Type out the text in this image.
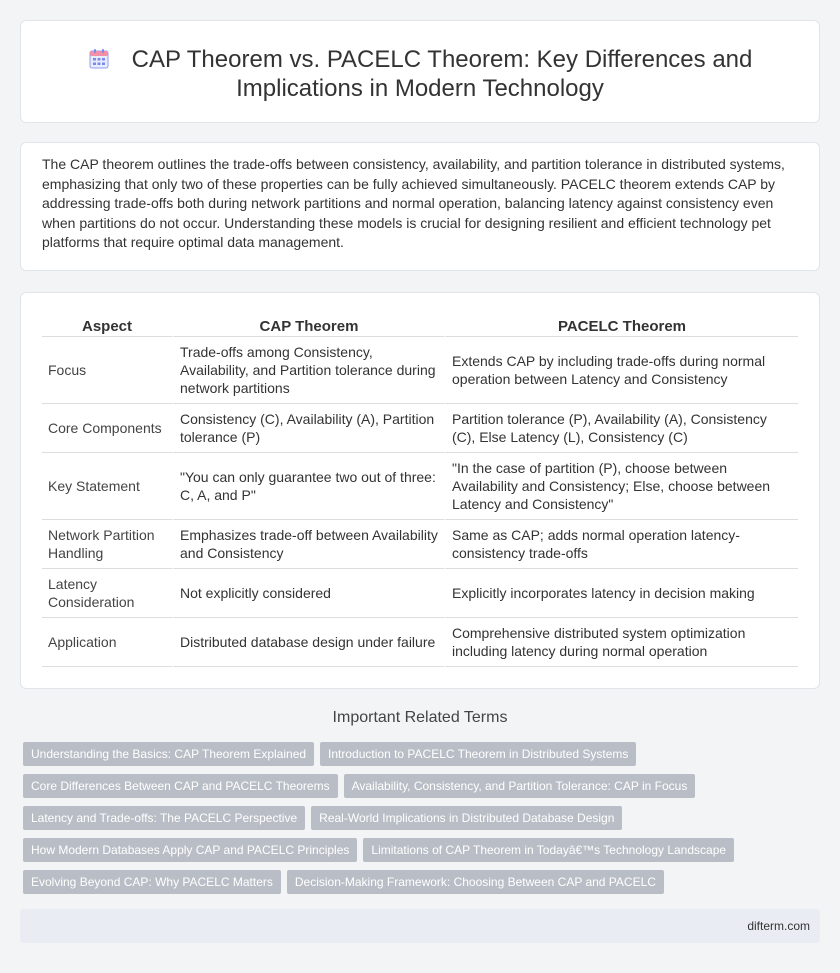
CAP Theorem vs. PACELC Theorem: Key Differences and
Implications in Modern Technology

The CAP theorem outlines the trade-offs between consistency, availability, and partition tolerance in distributed systems, emphasizing that only two of these properties can be fully achieved simultaneously. PACELC theorem extends CAP by addressing trade-offs both during network partitions and normal operation, balancing latency against consistency even when partitions do not occur. Understanding these models is crucial for designing resilient and efficient technology pet platforms that require optimal data management.

Aspect	CAP Theorem	PACELC Theorem
Focus	Trade-offs among Consistency, Availability, and Partition tolerance during network partitions	Extends CAP by including trade-offs during normal operation between Latency and Consistency
Core Components	Consistency (C), Availability (A), Partition tolerance (P)	Partition tolerance (P), Availability (A), Consistency (C), Else Latency (L), Consistency (C)
Key Statement	"You can only guarantee two out of three: C, A, and P"	"In the case of partition (P), choose between Availability and Consistency; Else, choose between Latency and Consistency"
Network Partition Handling	Emphasizes trade-off between Availability and Consistency	Same as CAP; adds normal operation latency-consistency trade-offs
Latency Consideration	Not explicitly considered	Explicitly incorporates latency in decision making
Application	Distributed database design under failure	Comprehensive distributed system optimization including latency during normal operation
Important Related Terms
Understanding the Basics: CAP Theorem Explained Introduction to PACELC Theorem in Distributed Systems
Core Differences Between CAP and PACELC Theorems Availability, Consistency, and Partition Tolerance: CAP in Focus
Latency and Trade-offs: The PACELC Perspective Real-World Implications in Distributed Database Design
How Modern Databases Apply CAP and PACELC Principles Limitations of CAP Theorem in Todayâ€™s Technology Landscape
Evolving Beyond CAP: Why PACELC Matters Decision-Making Framework: Choosing Between CAP and PACELC
difterm.com
